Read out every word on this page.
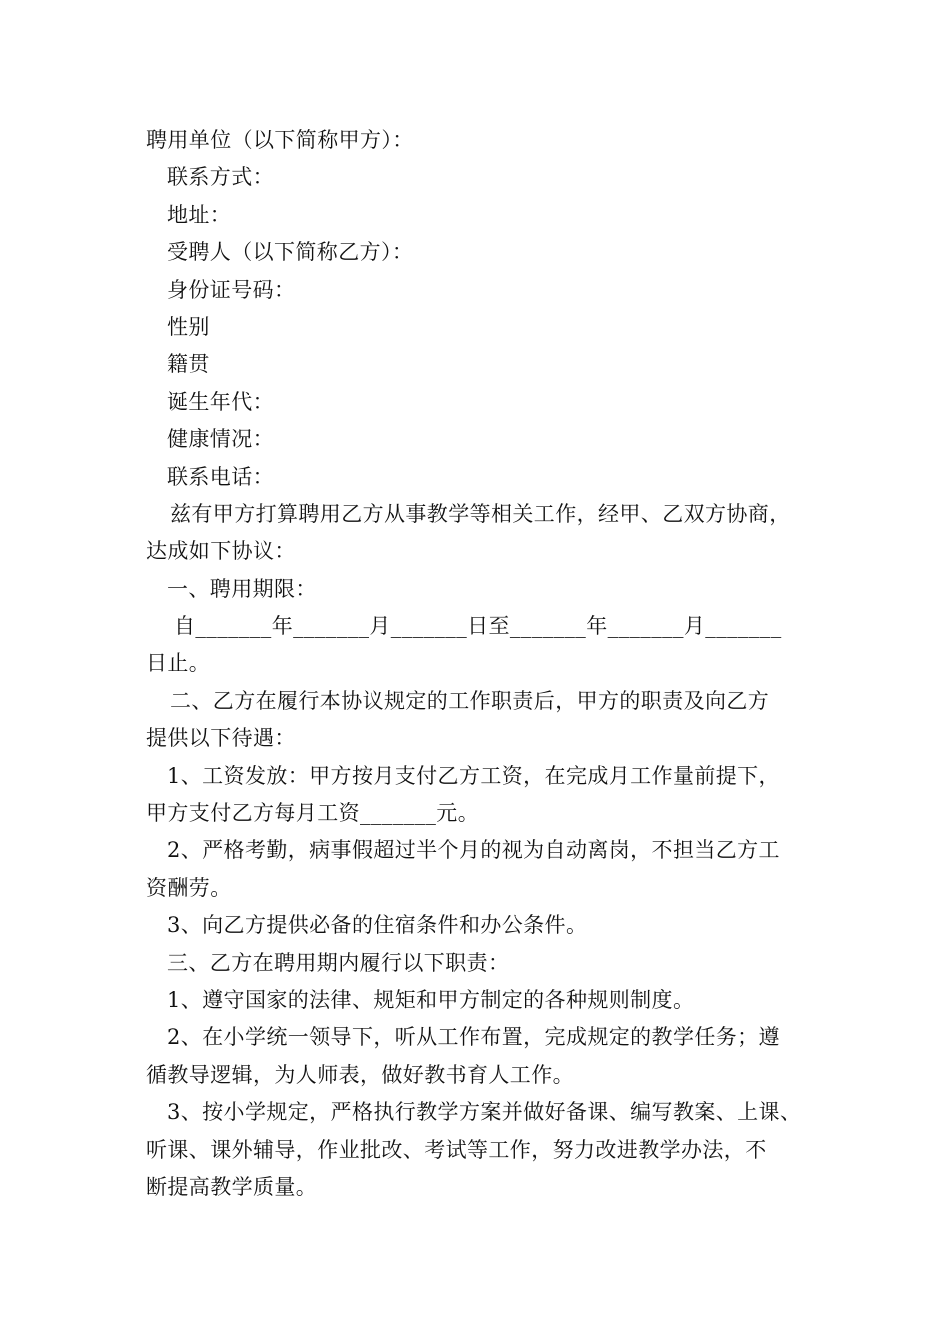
聘用单位（以下简称甲方）：
联系方式：
地址：
受聘人（以下简称乙方）：
身份证号码：
性别
籍贯
诞生年代：
健康情况：
联系电话：
兹有甲方打算聘用乙方从事教学等相关工作，经甲、乙双方协商，
达成如下协议：
一、聘用期限：
自_______年_______月_______日至_______年_______月_______
日止。
二、乙方在履行本协议规定的工作职责后，甲方的职责及向乙方
提供以下待遇：
1、工资发放：甲方按月支付乙方工资，在完成月工作量前提下，
甲方支付乙方每月工资_______元。
2、严格考勤，病事假超过半个月的视为自动离岗，不担当乙方工
资酬劳。
3、向乙方提供必备的住宿条件和办公条件。
三、乙方在聘用期内履行以下职责：
1、遵守国家的法律、规矩和甲方制定的各种规则制度。
2、在小学统一领导下，听从工作布置，完成规定的教学任务；遵
循教导逻辑，为人师表，做好教书育人工作。
3、按小学规定，严格执行教学方案并做好备课、编写教案、上课、
听课、课外辅导，作业批改、考试等工作，努力改进教学办法，不
断提高教学质量。
